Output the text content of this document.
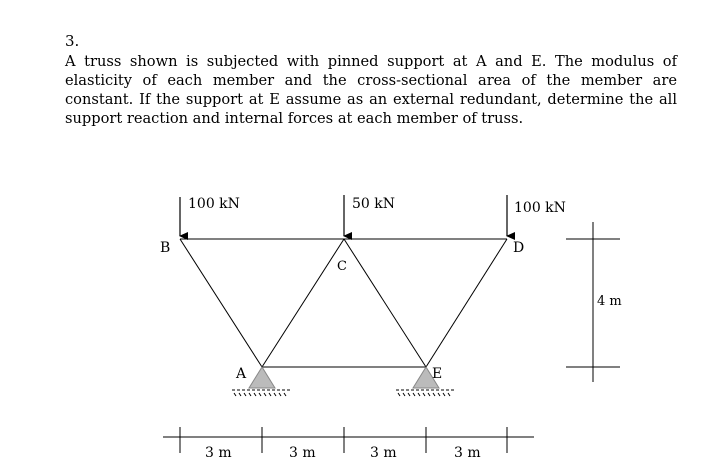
3.

A truss shown is subjected with pinned support at A and E. The modulus of elasticity of each member and the cross-sectional area of the member are constant. If the support at E assume as an external redundant, determine the all support reaction and internal forces at each member of truss.

100 kN	50 kN	100 kN
B
C
D
A	E
4 m
3 m	3 m	3 m	3 m
